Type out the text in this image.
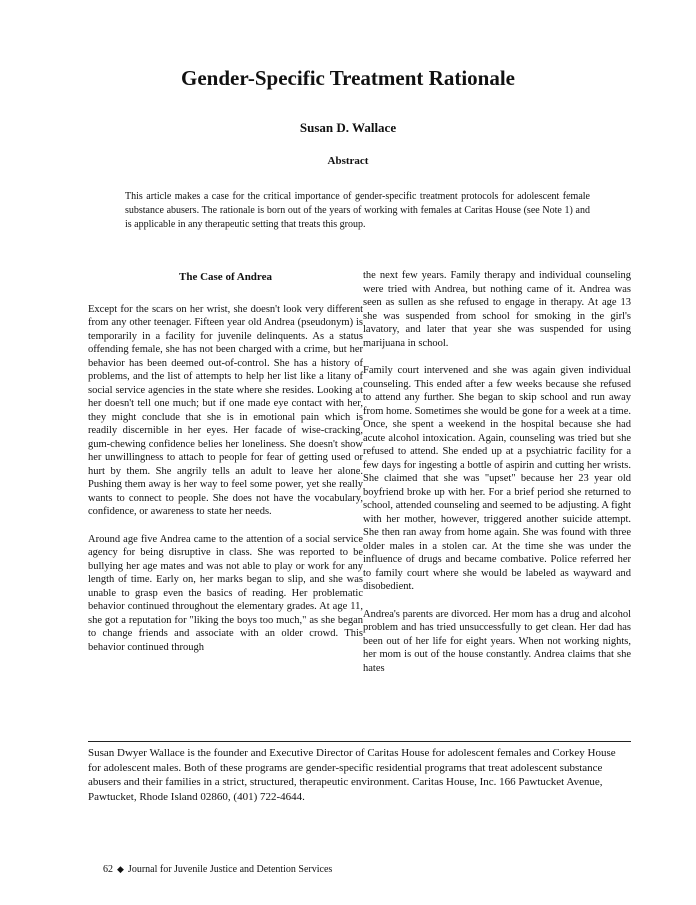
Gender-Specific Treatment Rationale
Susan D. Wallace
Abstract

This article makes a case for the critical importance of gender-specific treatment protocols for adolescent female substance abusers. The rationale is born out of the years of working with females at Caritas House (see Note 1) and is applicable in any therapeutic setting that treats this group.

The Case of Andrea

Except for the scars on her wrist, she doesn't look very different from any other teenager. Fifteen year old Andrea (pseudonym) is temporarily in a facility for juvenile delinquents. As a status offending female, she has not been charged with a crime, but her behavior has been deemed out-of-control. She has a history of problems, and the list of attempts to help her list like a litany of social service agencies in the state where she resides. Looking at her doesn't tell one much; but if one made eye contact with her, they might conclude that she is in emotional pain which is readily discernible in her eyes. Her facade of wise-cracking, gum-chewing confidence belies her loneliness. She doesn't show her unwillingness to attach to people for fear of getting used or hurt by them. She angrily tells an adult to leave her alone. Pushing them away is her way to feel some power, yet she really wants to connect to people. She does not have the vocabulary, confidence, or awareness to state her needs.

Around age five Andrea came to the attention of a social service agency for being disruptive in class. She was reported to be bullying her age mates and was not able to play or work for any length of time. Early on, her marks began to slip, and she was unable to grasp even the basics of reading. Her problematic behavior continued throughout the elementary grades. At age 11, she got a reputation for "liking the boys too much," as she began to change friends and associate with an older crowd. This behavior continued through

the next few years. Family therapy and individual counseling were tried with Andrea, but nothing came of it. Andrea was seen as sullen as she refused to engage in therapy. At age 13 she was suspended from school for smoking in the girl's lavatory, and later that year she was suspended for using marijuana in school.

Family court intervened and she was again given individual counseling. This ended after a few weeks because she refused to attend any further. She began to skip school and run away from home. Sometimes she would be gone for a week at a time. Once, she spent a weekend in the hospital because she had acute alcohol intoxication. Again, counseling was tried but she refused to attend. She ended up at a psychiatric facility for a few days for ingesting a bottle of aspirin and cutting her wrists. She claimed that she was "upset" because her 23 year old boyfriend broke up with her. For a brief period she returned to school, attended counseling and seemed to be adjusting. A fight with her mother, however, triggered another suicide attempt. She then ran away from home again. She was found with three older males in a stolen car. At the time she was under the influence of drugs and became combative. Police referred her to family court where she would be labeled as wayward and disobedient.

Andrea's parents are divorced. Her mom has a drug and alcohol problem and has tried unsuccessfully to get clean. Her dad has been out of her life for eight years. When not working nights, her mom is out of the house constantly. Andrea claims that she hates

Susan Dwyer Wallace is the founder and Executive Director of Caritas House for adolescent females and Corkey House for adolescent males. Both of these programs are gender-specific residential programs that treat adolescent substance abusers and their families in a strict, structured, therapeutic environment. Caritas House, Inc. 166 Pawtucket Avenue, Pawtucket, Rhode Island 02860, (401) 722-4644.

62 ◆ Journal for Juvenile Justice and Detention Services
